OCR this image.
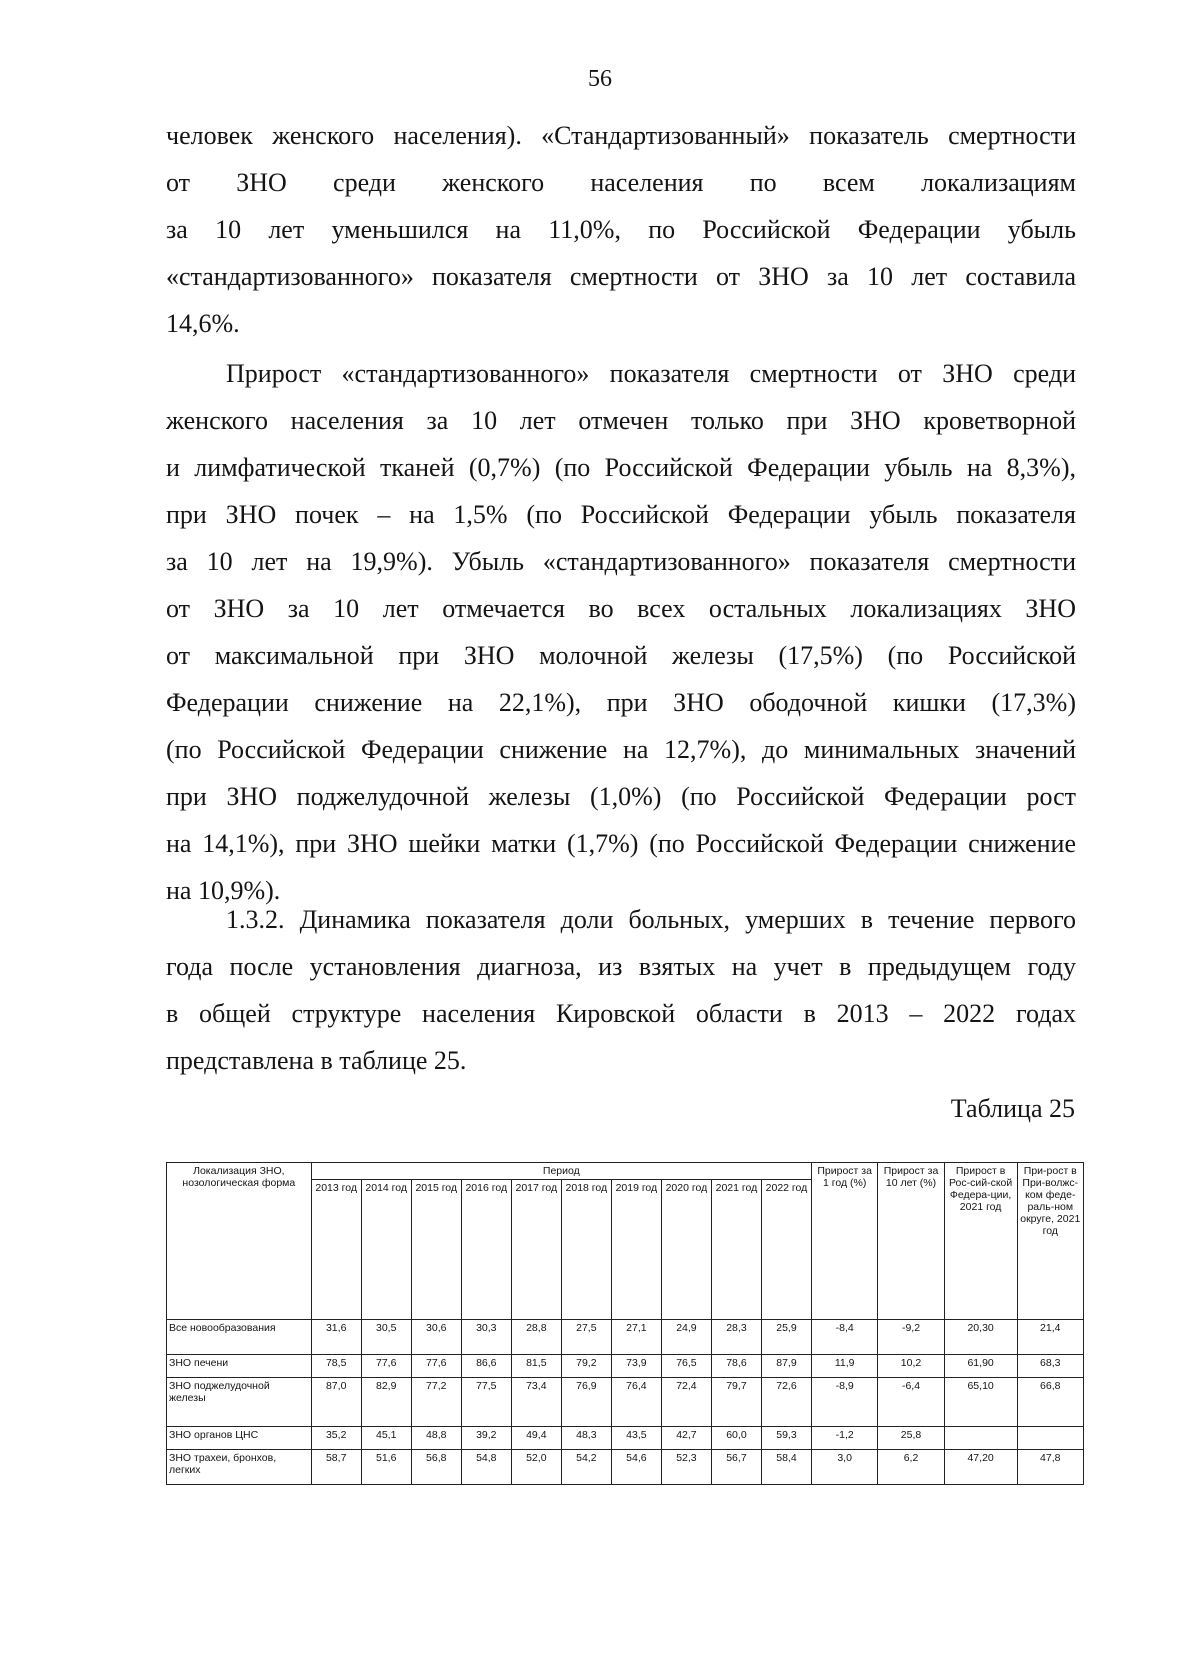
56
человек женского населения). «Стандартизованный» показатель смертности
от ЗНО среди женского населения по всем локализациям
за 10 лет уменьшился на 11,0%, по Российской Федерации убыль
«стандартизованного» показателя смертности от ЗНО за 10 лет составила
14,6%.
Прирост «стандартизованного» показателя смертности от ЗНО среди
женского населения за 10 лет отмечен только при ЗНО кроветворной
и лимфатической тканей (0,7%) (по Российской Федерации убыль на 8,3%),
при ЗНО почек – на 1,5% (по Российской Федерации убыль показателя
за 10 лет на 19,9%). Убыль «стандартизованного» показателя смертности
от ЗНО за 10 лет отмечается во всех остальных локализациях ЗНО
от максимальной при ЗНО молочной железы (17,5%) (по Российской
Федерации снижение на 22,1%), при ЗНО ободочной кишки (17,3%)
(по Российской Федерации снижение на 12,7%), до минимальных значений
при ЗНО поджелудочной железы (1,0%) (по Российской Федерации рост
на 14,1%), при ЗНО шейки матки (1,7%) (по Российской Федерации снижение
на 10,9%).
1.3.2. Динамика показателя доли больных, умерших в течение первого
года после установления диагноза, из взятых на учет в предыдущем году
в общей структуре населения Кировской области в 2013 – 2022 годах
представлена в таблице 25.
Таблица 25
Локализация ЗНО, нозологическая форма	Период										Прирост за 1 год (%)	Прирост за 10 лет (%)	Прирост в Рос-сий-ской Федера-ции, 2021 год	При-рост в При-волжс-ком феде-раль-ном округе, 2021 год
	2013 год	2014 год	2015 год	2016 год	2017 год	2018 год	2019 год	2020 год	2021 год	2022 год				
Все новообразования	31,6	30,5	30,6	30,3	28,8	27,5	27,1	24,9	28,3	25,9	-8,4	-9,2	20,30	21,4
ЗНО печени	78,5	77,6	77,6	86,6	81,5	79,2	73,9	76,5	78,6	87,9	11,9	10,2	61,90	68,3
ЗНО поджелудочной железы	87,0	82,9	77,2	77,5	73,4	76,9	76,4	72,4	79,7	72,6	-8,9	-6,4	65,10	66,8
ЗНО органов ЦНС	35,2	45,1	48,8	39,2	49,4	48,3	43,5	42,7	60,0	59,3	-1,2	25,8		
ЗНО трахеи, бронхов, легких	58,7	51,6	56,8	54,8	52,0	54,2	54,6	52,3	56,7	58,4	3,0	6,2	47,20	47,8
